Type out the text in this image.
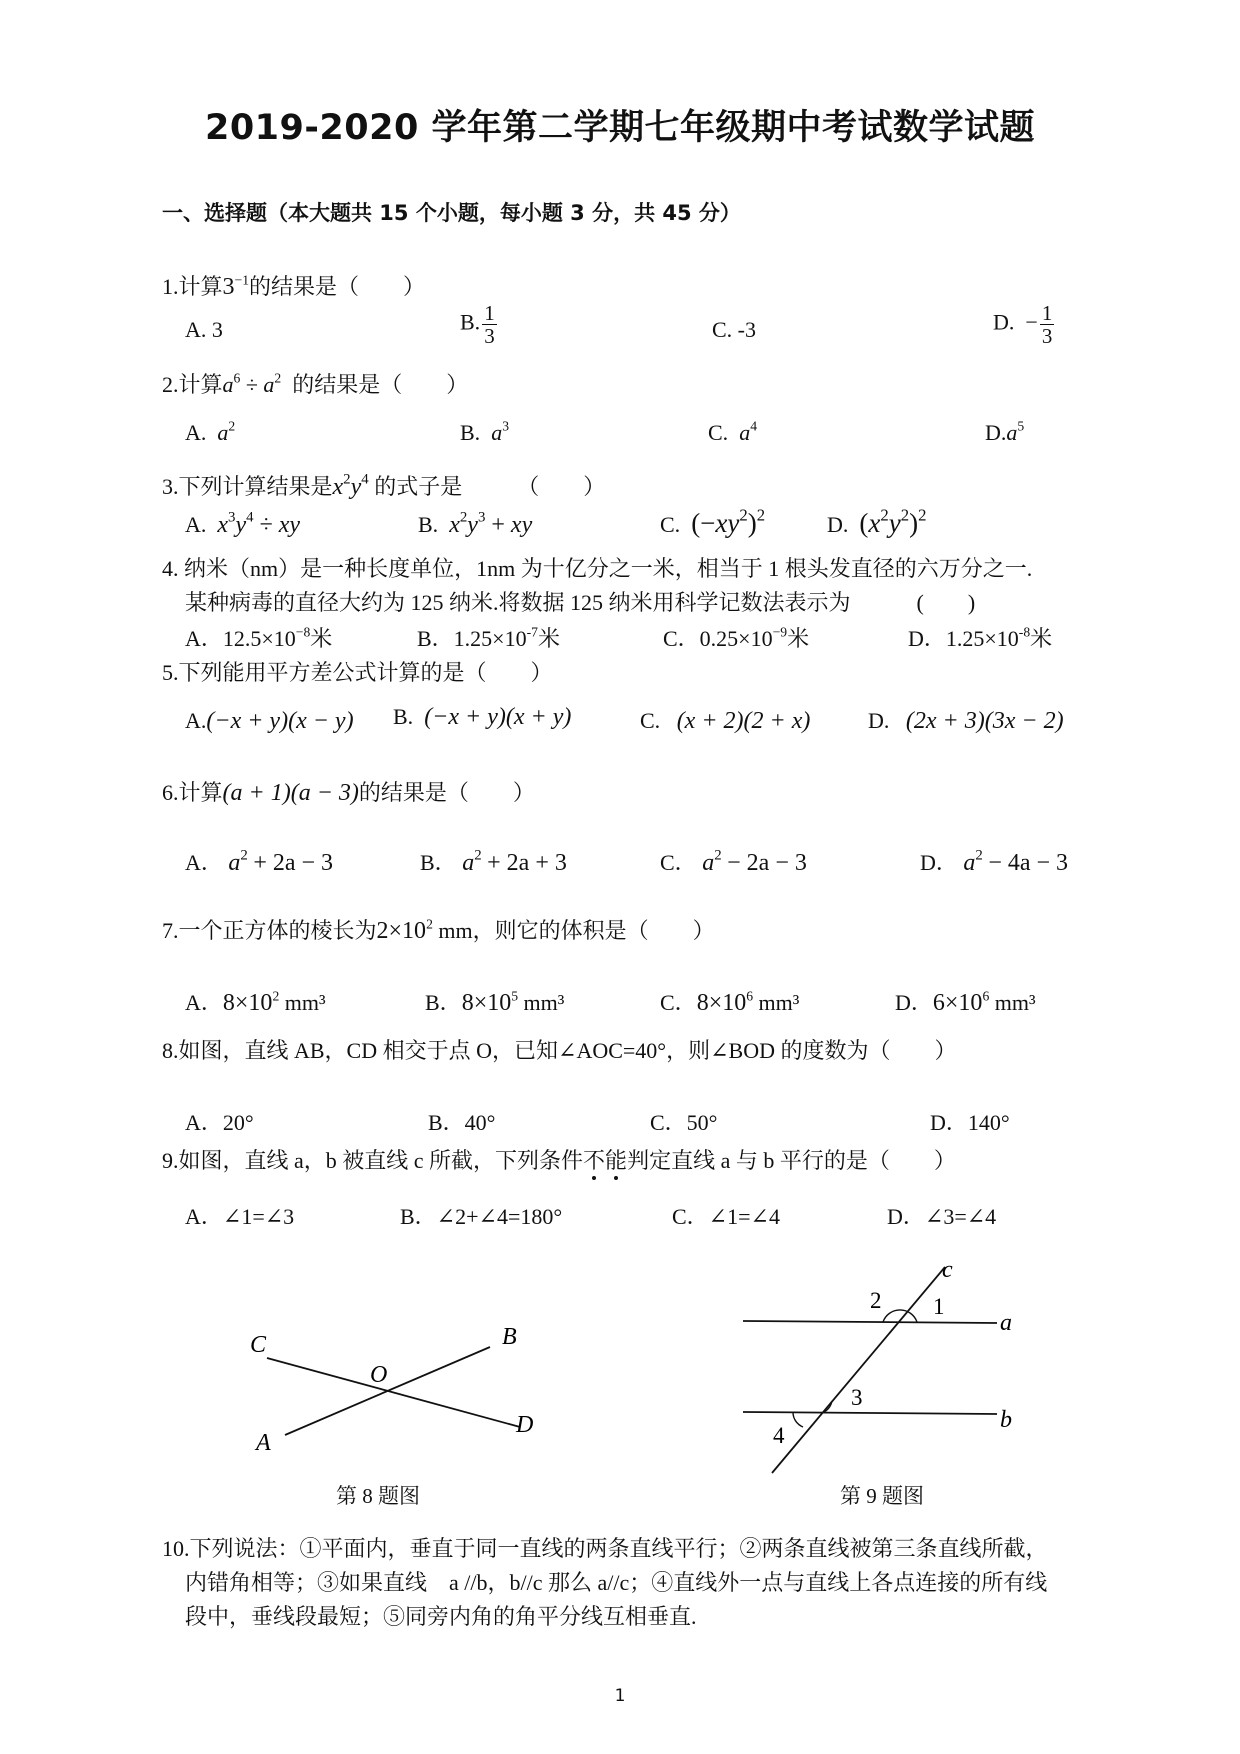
2019-2020 学年第二学期七年级期中考试数学试题
一、选择题（本大题共 15 个小题，每小题 3 分，共 45 分）
1.计算$3^{-1}$的结果是（　　）
A. 3	B. $\frac{1}{3}$	C. -3	D. − $\frac{1}{3}$
2.计算$a^6 \div a^2$ 的结果是（　　）
A. $a^2$	B. $a^3$	C. $a^4$	$D.a^5$
3.下列计算结果是$x^2y^4$ 的式子是　　　（　　）
A. $x^3y^4$ ÷ xy	B. $x^2y^3$ + xy	C. $(-xy^2)^2$	D. $(x^2y^2)^2$
4. 纳米（nm）是一种长度单位，1nm 为十亿分之一米，相当于 1 根头发直径的六万分之一.
某种病毒的直径大约为 125 纳米.将数据 125 纳米用科学记数法表示为　　　(　　)
A．$12.5\times 10^{-8}$米	B．$1.25\times 10^{-7}$米	C．$0.25\times 10^{-9}$米	D．$1.25\times 10^{-8}$米
5.下列能用平方差公式计算的是（　　）
A.(−x + y)(x − y) B. (−x + y)(x + y)	C. (x + 2)(2 + x)	D. (2x + 3)(3x − 2)
6.计算(a + 1)(a − 3)的结果是（　　）
A． $a^2 + 2a - 3$	B． $a^2 + 2a + 3$	C． $a^2 - 2a - 3$	D． $a^2 - 4a - 3$
7.一个正方体的棱长为$2\times 10^2$ mm，则它的体积是（　　）
A．$8\times 10^2$ mm³	B．$8\times 10^5$ mm³	C．$8\times 10^6$ mm³	D．$6\times 10^6$ mm³
8.如图，直线 AB，CD 相交于点 O，已知∠AOC=40°，则∠BOD 的度数为（　　）
A．20°	B．40°	C．50°	D．140°
9.如图，直线 a，b 被直线 c 所截，下列条件不能判定直线 a 与 b 平行的是（　　）
A．∠1=∠3	B．∠2+∠4=180°	C．∠1=∠4	D．∠3=∠4
C	B
O
A
D
第 8 题图
c
a
b
2 1
3
4
第 9 题图
10.下列说法：①平面内，垂直于同一直线的两条直线平行；②两条直线被第三条直线所截，
内错角相等；③如果直线　a //b，b//c 那么 a//c；④直线外一点与直线上各点连接的所有线
段中，垂线段最短；⑤同旁内角的角平分线互相垂直.
1
